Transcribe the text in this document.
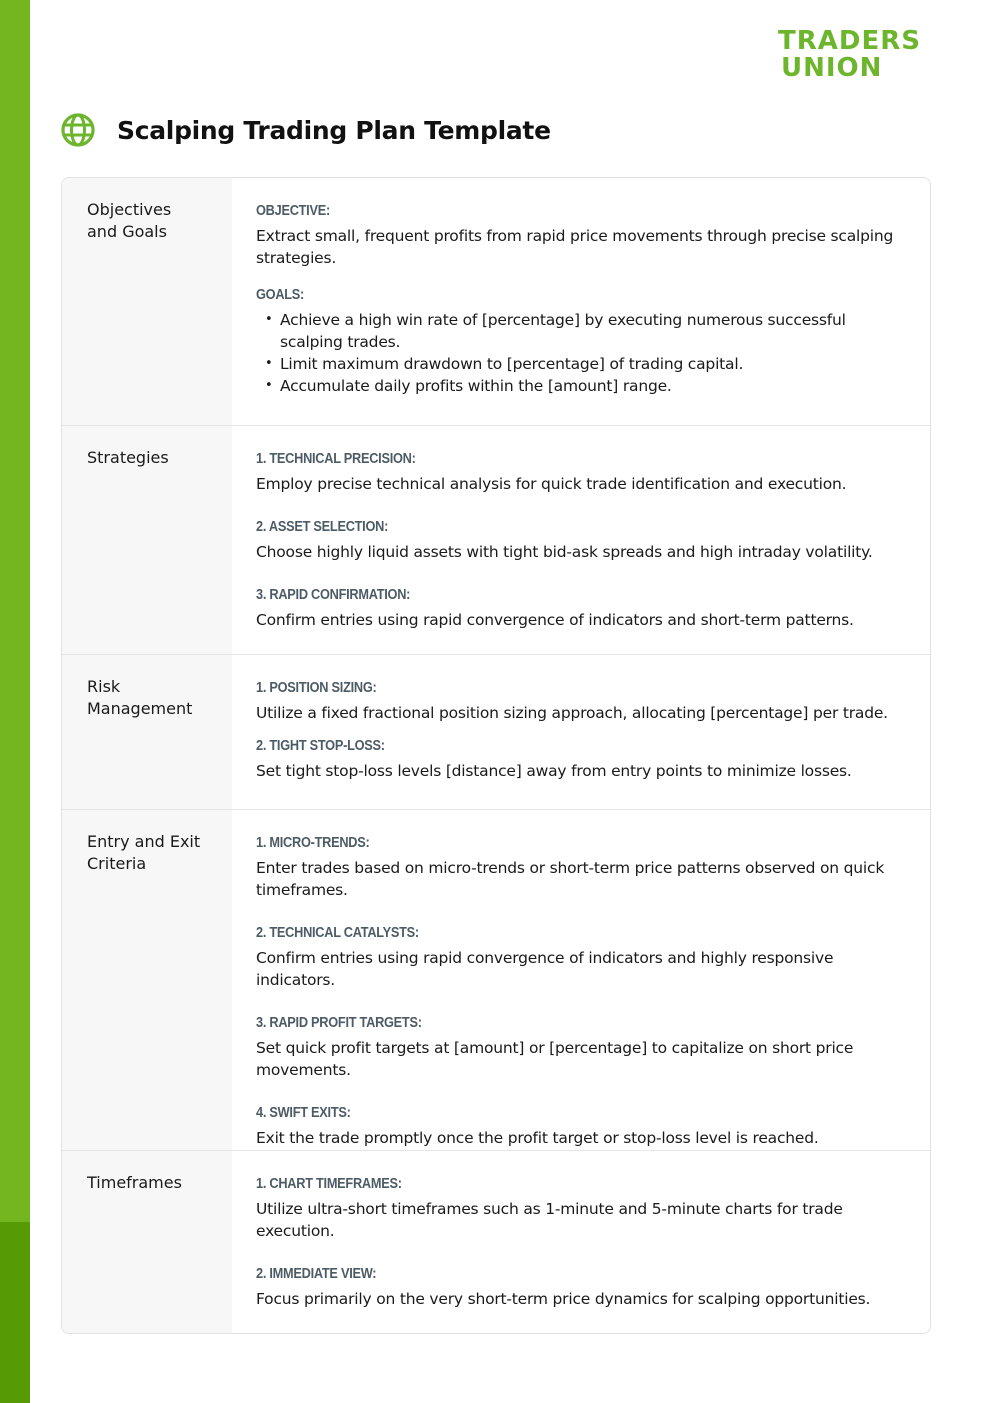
TRADERS
UNION
Scalping Trading Plan Template
Objectives and Goals
OBJECTIVE:
Extract small, frequent profits from rapid price movements through precise scalping strategies.
GOALS:
• Achieve a high win rate of [percentage] by executing numerous successful scalping trades.
• Limit maximum drawdown to [percentage] of trading capital.
• Accumulate daily profits within the [amount] range.
Strategies	1. TECHNICAL PRECISION:
Employ precise technical analysis for quick trade identification and execution.
2. ASSET SELECTION:
Choose highly liquid assets with tight bid-ask spreads and high intraday volatility.
3. RAPID CONFIRMATION:
Confirm entries using rapid convergence of indicators and short-term patterns.
Risk Management
1. POSITION SIZING:
Utilize a fixed fractional position sizing approach, allocating [percentage] per trade.
2. TIGHT STOP-LOSS:
Set tight stop-loss levels [distance] away from entry points to minimize losses.
Entry and Exit Criteria
1. MICRO-TRENDS:
Enter trades based on micro-trends or short-term price patterns observed on quick timeframes.
2. TECHNICAL CATALYSTS:
Confirm entries using rapid convergence of indicators and highly responsive indicators.
3. RAPID PROFIT TARGETS:
Set quick profit targets at [amount] or [percentage] to capitalize on short price movements.
4. SWIFT EXITS:
Exit the trade promptly once the profit target or stop-loss level is reached.
Timeframes	1. CHART TIMEFRAMES:
Utilize ultra-short timeframes such as 1-minute and 5-minute charts for trade execution.
2. IMMEDIATE VIEW:
Focus primarily on the very short-term price dynamics for scalping opportunities.
